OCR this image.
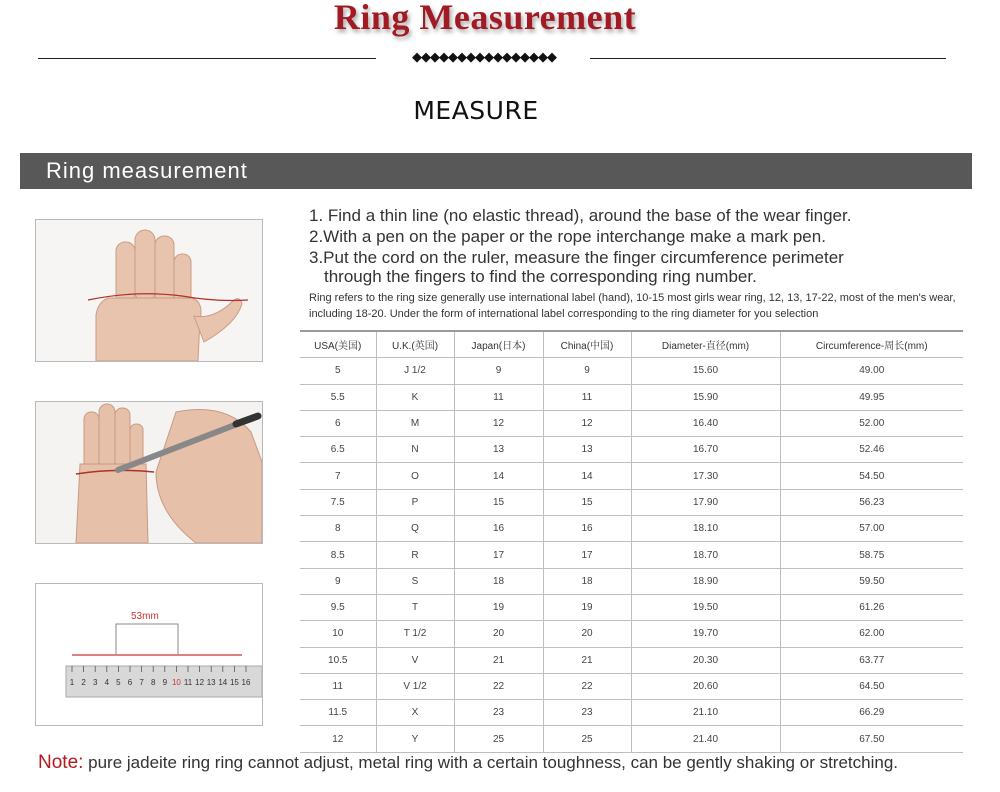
Ring Measurement
◆◆◆◆◆◆◆◆◆◆◆◆◆◆◆◆
MEASURE
Ring measurement
53mm
1 2 3 4 5 6 7 8 9 10 11 12 13 14 15 16
1. Find a thin line (no elastic thread), around the base of the wear finger.
2.With a pen on the paper or the rope interchange make a mark pen.
3.Put the cord on the ruler, measure the finger circumference perimeter
through the fingers to find the corresponding ring number.
Ring refers to the ring size generally use international label (hand), 10-15 most girls wear ring, 12, 13, 17-22, most of the men's wear, including 18-20. Under the form of international label corresponding to the ring diameter for you selection
USA(美国)	U.K.(英国)	Japan(日本)	China(中国)	Diameter-直径(mm)	Circumference-周长(mm)
5	J 1/2	9	9	15.60	49.00
5.5	K	11	11	15.90	49.95
6	M	12	12	16.40	52.00
6.5	N	13	13	16.70	52.46
7	O	14	14	17.30	54.50
7.5	P	15	15	17.90	56.23
8	Q	16	16	18.10	57.00
8.5	R	17	17	18.70	58.75
9	S	18	18	18.90	59.50
9.5	T	19	19	19.50	61.26
10	T 1/2	20	20	19.70	62.00
10.5	V	21	21	20.30	63.77
11	V 1/2	22	22	20.60	64.50
11.5	X	23	23	21.10	66.29
12	Y	25	25	21.40	67.50
Note: pure jadeite ring ring cannot adjust, metal ring with a certain toughness, can be gently shaking or stretching.
